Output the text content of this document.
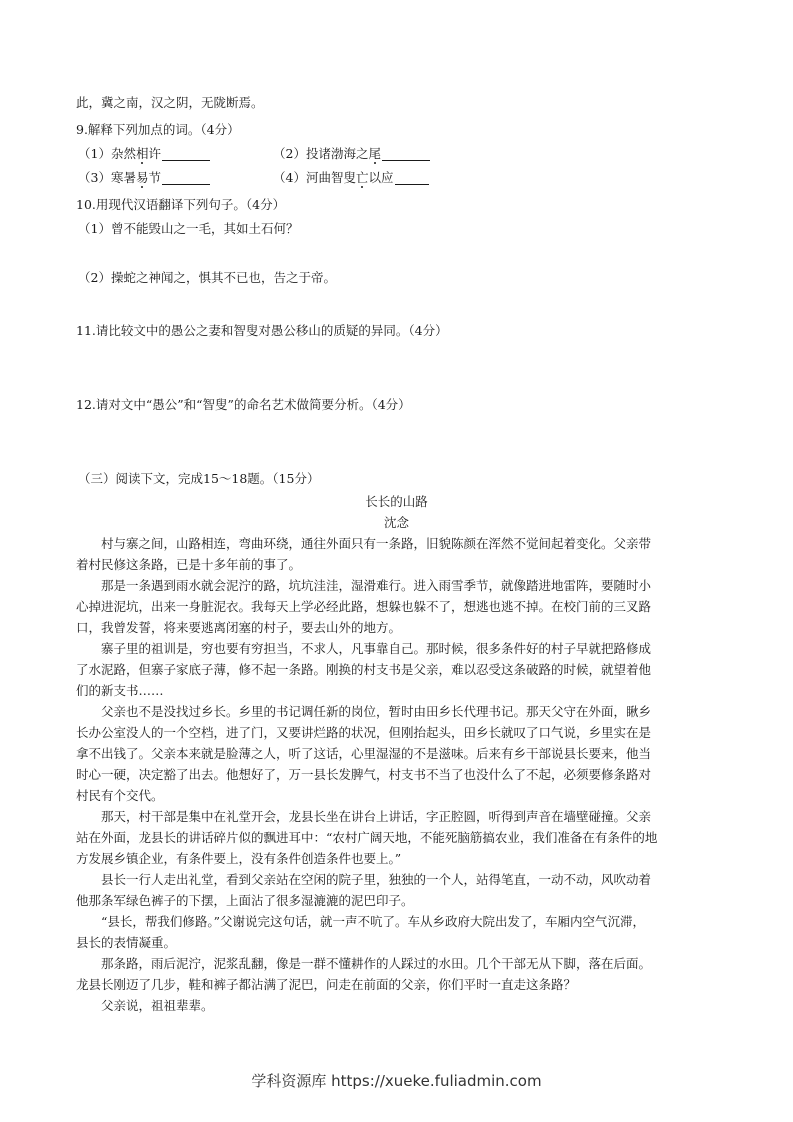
此，冀之南，汉之阴，无陇断焉。
9.解释下列加点的词。（4分）
（1）杂然相许	（2）投诸渤海之尾
（3）寒暑易节	（4）河曲智叟亡以应
10.用现代汉语翻译下列句子。（4分）
（1）曾不能毁山之一毛，其如土石何？
（2）操蛇之神闻之，惧其不已也，告之于帝。
11.请比较文中的愚公之妻和智叟对愚公移山的质疑的异同。（4分）
12.请对文中“愚公”和“智叟”的命名艺术做简要分析。（4分）
（三）阅读下文，完成15～18题。（15分）
长长的山路
沈念
　　村与寨之间，山路相连，弯曲环绕，通往外面只有一条路，旧貌陈颜在浑然不觉间起着变化。父亲带
着村民修这条路，已是十多年前的事了。
　　那是一条遇到雨水就会泥泞的路，坑坑洼洼，湿滑难行。进入雨雪季节，就像踏进地雷阵，要随时小
心掉进泥坑，出来一身脏泥衣。我每天上学必经此路，想躲也躲不了，想逃也逃不掉。在校门前的三叉路
口，我曾发誓，将来要逃离闭塞的村子，要去山外的地方。
　　寨子里的祖训是，穷也要有穷担当，不求人，凡事靠自己。那时候，很多条件好的村子早就把路修成
了水泥路，但寨子家底子薄，修不起一条路。刚换的村支书是父亲，难以忍受这条破路的时候，就望着他
们的新支书……
　　父亲也不是没找过乡长。乡里的书记调任新的岗位，暂时由田乡长代理书记。那天父守在外面，瞅乡
长办公室没人的一个空档，进了门，又要讲烂路的状况，但刚抬起头，田乡长就叹了口气说，乡里实在是
拿不出钱了。父亲本来就是脸薄之人，听了这话，心里湿湿的不是滋味。后来有乡干部说县长要来，他当
时心一硬，决定豁了出去。他想好了，万一县长发脾气，村支书不当了也没什么了不起，必须要修条路对
村民有个交代。
　　那天，村干部是集中在礼堂开会，龙县长坐在讲台上讲话，字正腔圆，听得到声音在墙壁碰撞。父亲
站在外面，龙县长的讲话碎片似的飘进耳中：“农村广阔天地，不能死脑筋搞农业，我们准备在有条件的地
方发展乡镇企业，有条件要上，没有条件创造条件也要上。”
　　县长一行人走出礼堂，看到父亲站在空闲的院子里，独独的一个人，站得笔直，一动不动，风吹动着
他那条军绿色裤子的下摆，上面沾了很多湿漉漉的泥巴印子。
　　“县长，帮我们修路。”父谢说完这句话，就一声不吭了。车从乡政府大院出发了，车厢内空气沉滞，
县长的表情凝重。
　　那条路，雨后泥泞，泥浆乱翻，像是一群不懂耕作的人踩过的水田。几个干部无从下脚，落在后面。
龙县长刚迈了几步，鞋和裤子都沾满了泥巴，问走在前面的父亲，你们平时一直走这条路？
　　父亲说，祖祖辈辈。
学科资源库 https://xueke.fuliadmin.com
